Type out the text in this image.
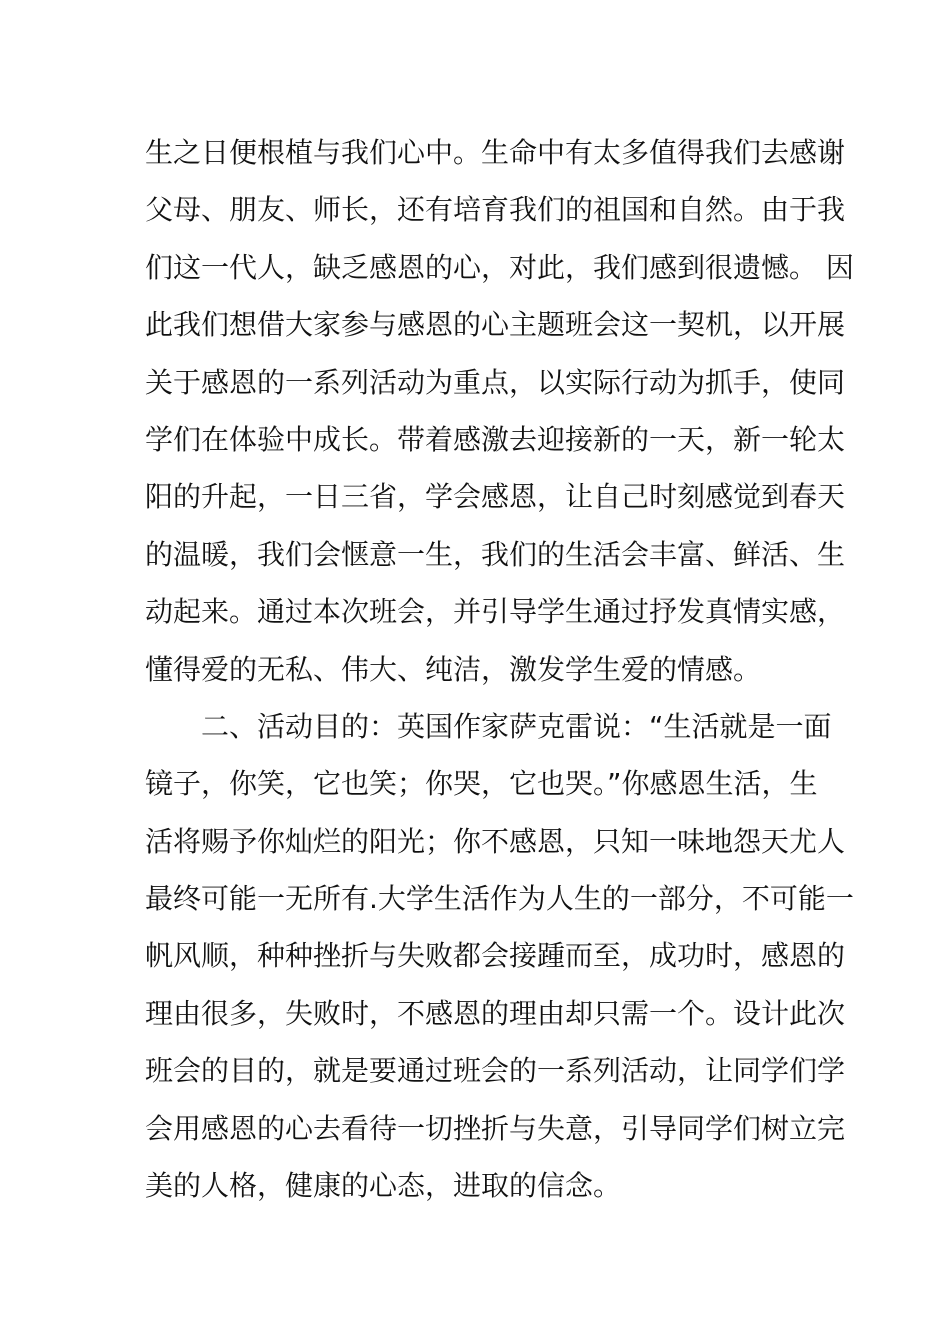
生之日便根植与我们心中。生命中有太多值得我们去感谢
父母、朋友、师长，还有培育我们的祖国和自然。由于我
们这一代人，缺乏感恩的心，对此，我们感到很遗憾。 因
此我们想借大家参与感恩的心主题班会这一契机，以开展
关于感恩的一系列活动为重点，以实际行动为抓手，使同
学们在体验中成长。带着感激去迎接新的一天，新一轮太
阳的升起，一日三省，学会感恩，让自己时刻感觉到春天
的温暖，我们会惬意一生，我们的生活会丰富、鲜活、生
动起来。通过本次班会，并引导学生通过抒发真情实感，
懂得爱的无私、伟大、纯洁，激发学生爱的情感。
二、活动目的：英国作家萨克雷说：“生活就是一面
镜子，你笑，它也笑；你哭，它也哭。”你感恩生活，生
活将赐予你灿烂的阳光；你不感恩，只知一味地怨天尤人
最终可能一无所有.大学生活作为人生的一部分，不可能一
帆风顺，种种挫折与失败都会接踵而至，成功时，感恩的
理由很多，失败时，不感恩的理由却只需一个。设计此次
班会的目的，就是要通过班会的一系列活动，让同学们学
会用感恩的心去看待一切挫折与失意，引导同学们树立完
美的人格，健康的心态，进取的信念。
